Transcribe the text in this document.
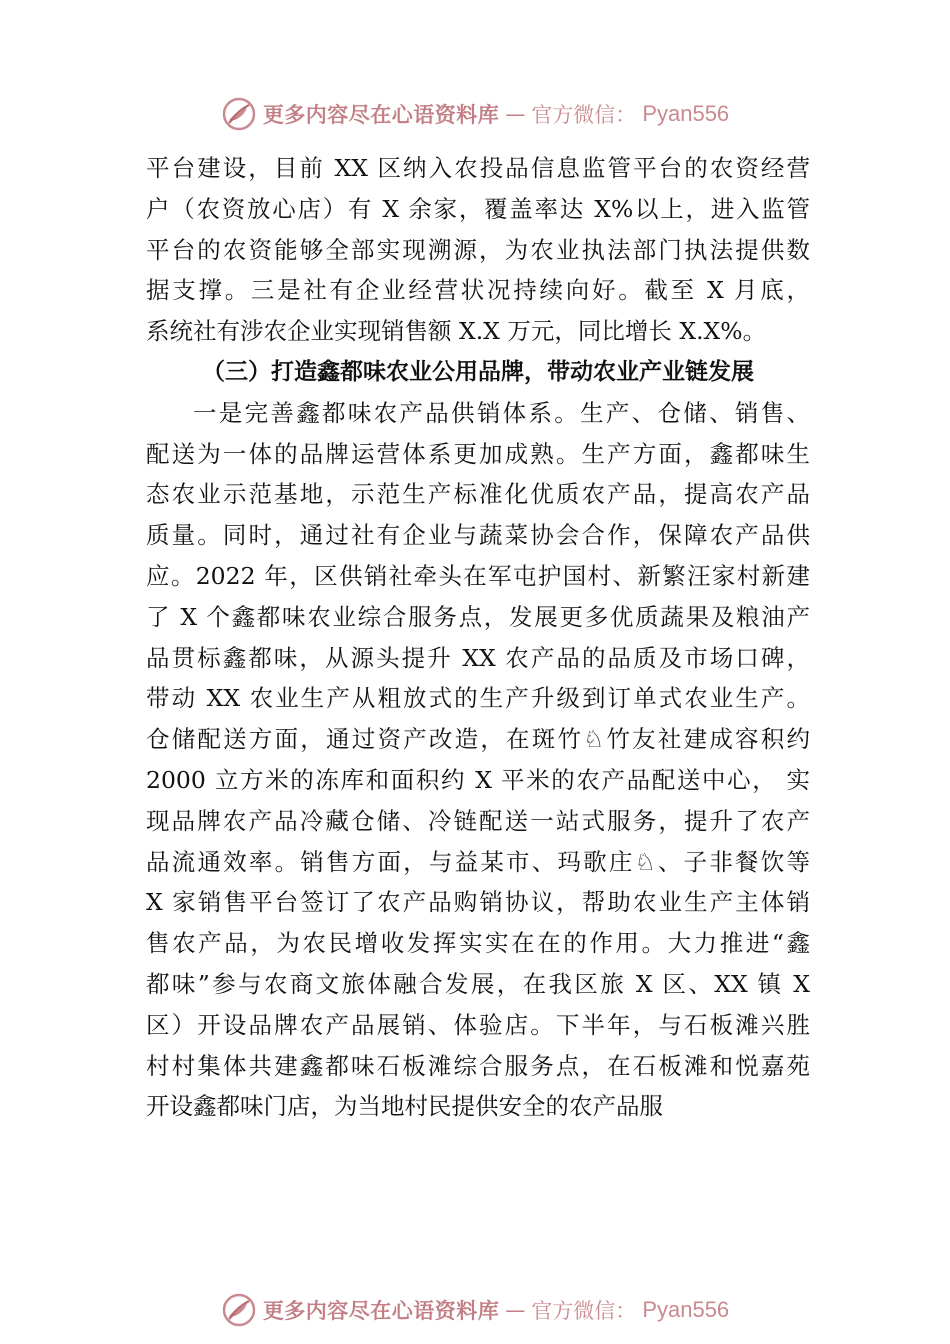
更多内容尽在心语资料库 — 官方微信： Pyan556
平台建设，目前 XX 区纳入农投品信息监管平台的农资经营
户（农资放心店）有 X 余家，覆盖率达 X%以上，进入监管
平台的农资能够全部实现溯源，为农业执法部门执法提供数
据支撑。三是社有企业经营状况持续向好。截至 X 月底，
系统社有涉农企业实现销售额 X.X 万元，同比增长 X.X%。
（三）打造鑫都味农业公用品牌，带动农业产业链发展
一是完善鑫都味农产品供销体系。生产、仓储、销售、
配送为一体的品牌运营体系更加成熟。生产方面，鑫都味生
态农业示范基地，示范生产标准化优质农产品，提高农产品
质量。同时，通过社有企业与蔬菜协会合作，保障农产品供
应。2022 年，区供销社牵头在军屯护国村、新繁汪家村新建
了 X 个鑫都味农业综合服务点，发展更多优质蔬果及粮油产
品贯标鑫都味，从源头提升 XX 农产品的品质及市场口碑，
带动 XX 农业生产从粗放式的生产升级到订单式农业生产。
仓储配送方面，通过资产改造，在斑竹♘竹友社建成容积约
2000 立方米的冻库和面积约 X 平米的农产品配送中心， 实
现品牌农产品冷藏仓储、冷链配送一站式服务，提升了农产
品流通效率。销售方面，与益某市、玛歌庄♘、子非餐饮等
X 家销售平台签订了农产品购销协议，帮助农业生产主体销
售农产品，为农民增收发挥实实在在的作用。大力推进“鑫
都味”参与农商文旅体融合发展，在我区旅 X 区、XX 镇 X
区）开设品牌农产品展销、体验店。下半年，与石板滩兴胜
村村集体共建鑫都味石板滩综合服务点，在石板滩和悦嘉苑
开设鑫都味门店，为当地村民提供安全的农产品服
更多内容尽在心语资料库 — 官方微信： Pyan556
